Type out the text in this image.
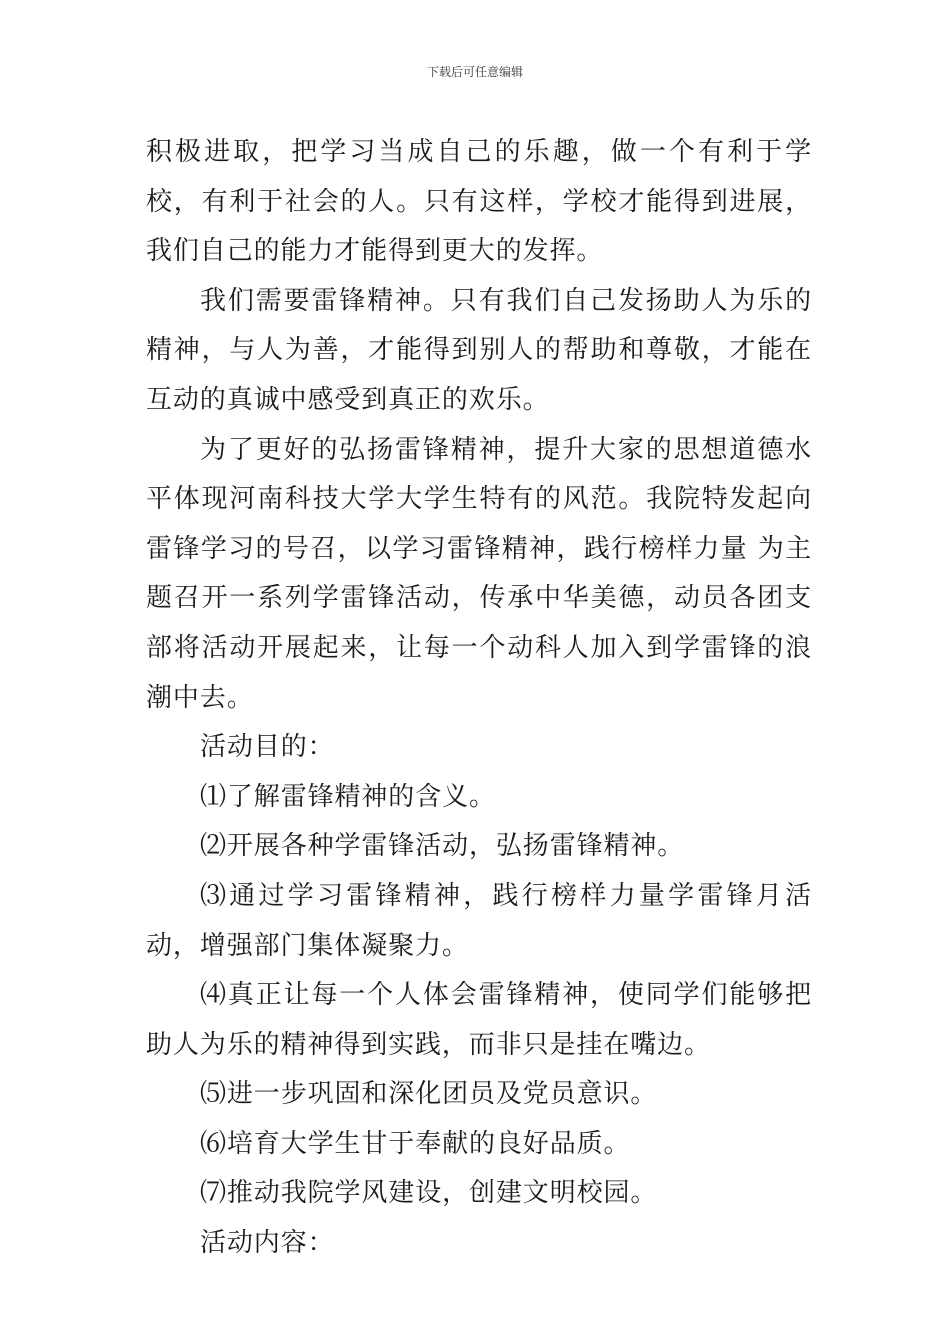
下载后可任意编辑

积极进取，把学习当成自己的乐趣，做一个有利于学校，有利于社会的人。只有这样，学校才能得到进展，我们自己的能力才能得到更大的发挥。

我们需要雷锋精神。只有我们自己发扬助人为乐的精神，与人为善，才能得到别人的帮助和尊敬，才能在互动的真诚中感受到真正的欢乐。

为了更好的弘扬雷锋精神，提升大家的思想道德水平体现河南科技大学大学生特有的风范。我院特发起向雷锋学习的号召，以学习雷锋精神，践行榜样力量 为主题召开一系列学雷锋活动，传承中华美德，动员各团支部将活动开展起来，让每一个动科人加入到学雷锋的浪潮中去。

活动目的：

⑴了解雷锋精神的含义。

⑵开展各种学雷锋活动，弘扬雷锋精神。

⑶通过学习雷锋精神，践行榜样力量学雷锋月活动，增强部门集体凝聚力。

⑷真正让每一个人体会雷锋精神，使同学们能够把助人为乐的精神得到实践，而非只是挂在嘴边。

⑸进一步巩固和深化团员及党员意识。

⑹培育大学生甘于奉献的良好品质。

⑺推动我院学风建设，创建文明校园。

活动内容：
